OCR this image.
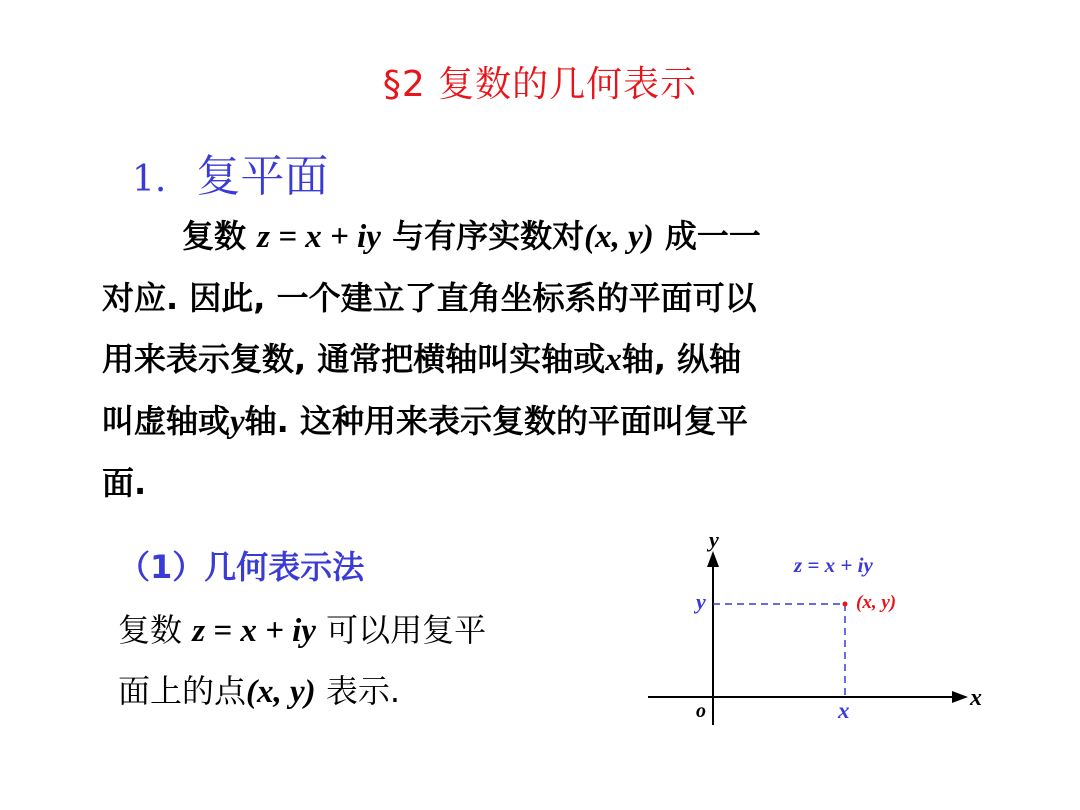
§2 复数的几何表示
1. 复平面
复数 z = x + iy 与有序实数对(x, y) 成一一
对应. 因此, 一个建立了直角坐标系的平面可以
用来表示复数, 通常把横轴叫实轴或x轴, 纵轴
叫虚轴或y轴. 这种用来表示复数的平面叫复平
面.
（1）几何表示法
复数 z = x + iy 可以用复平
面上的点(x, y) 表示.
y
x
o
z = x + iy
(x, y)
x
y
